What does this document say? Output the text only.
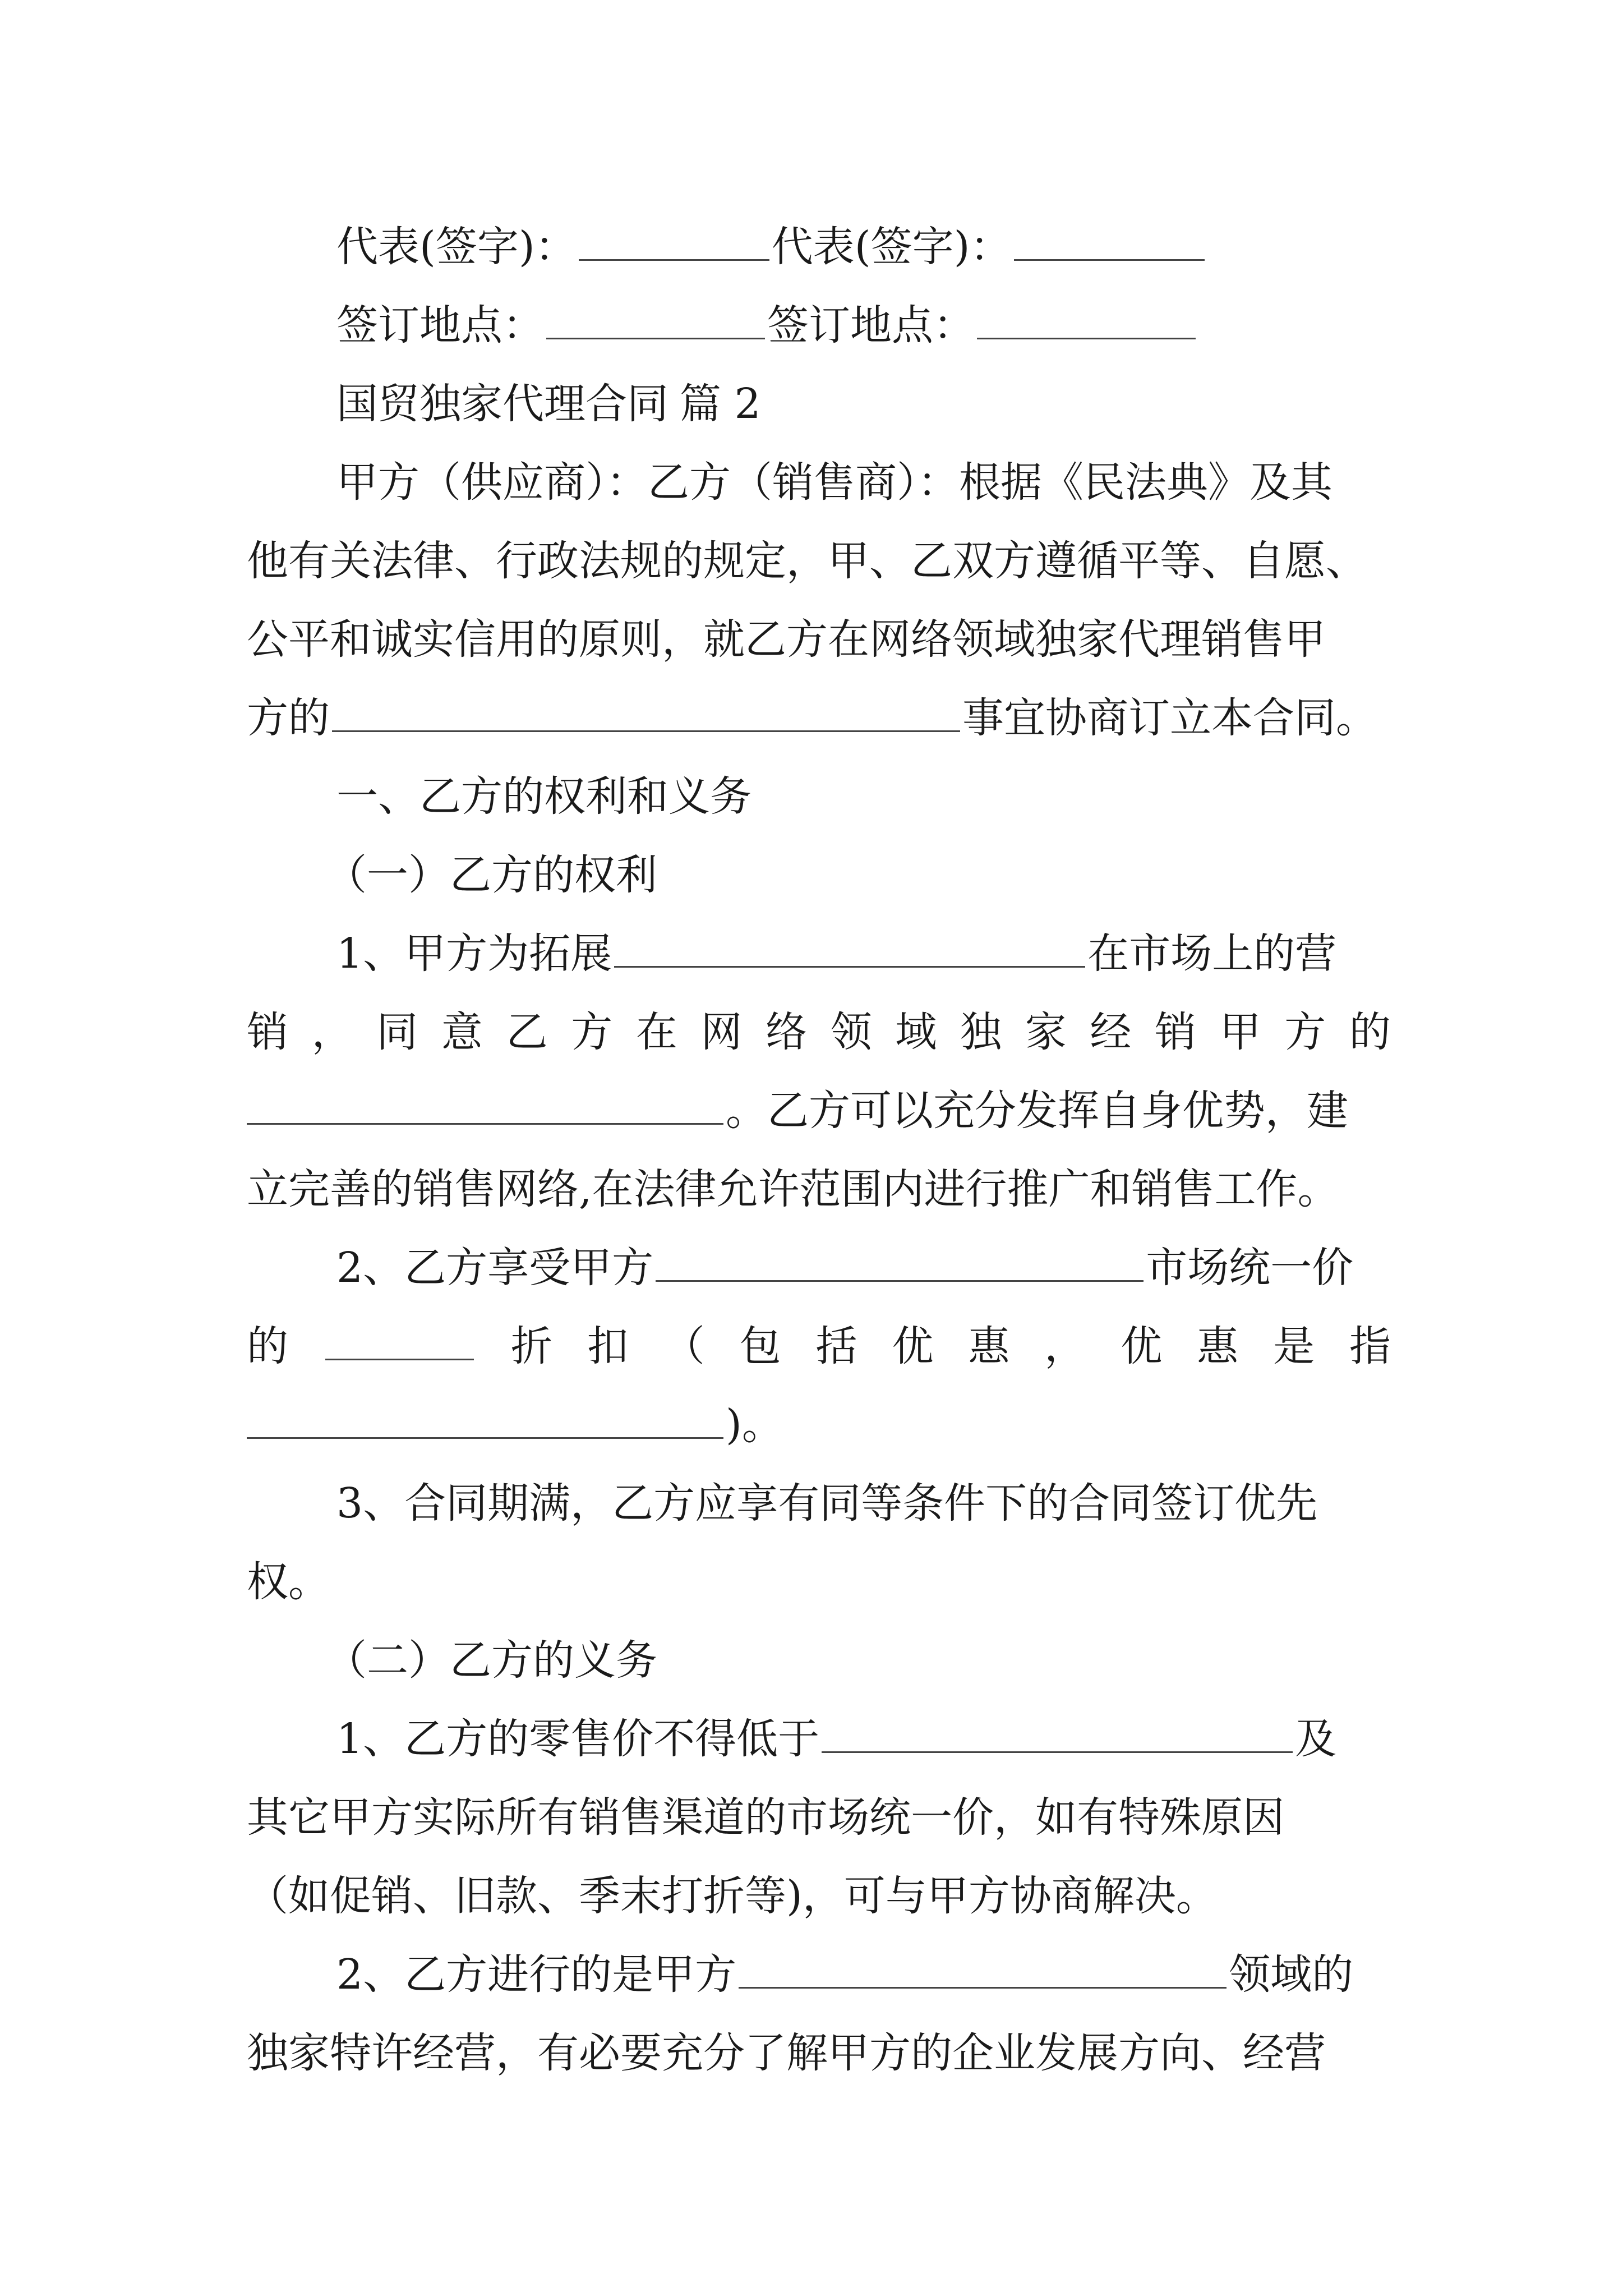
代表(签字)：	代表(签字)：
签订地点：	签订地点：
国贸独家代理合同 篇 2
甲方（供应商）：乙方（销售商）：根据《民法典》及其
他有关法律、行政法规的规定，甲、乙双方遵循平等、自愿、
公平和诚实信用的原则，就乙方在网络领域独家代理销售甲
方的	事宜协商订立本合同。
一、乙方的权利和义务
（一）乙方的权利
1、甲方为拓展	在市场上的营
销 ， 同 意 乙 方 在 网 络 领 域 独 家 经 销 甲 方 的
。乙方可以充分发挥自身优势，建
立完善的销售网络,在法律允许范围内进行推广和销售工作。
2、乙方享受甲方	市场统一价
的	折 扣 （ 包 括 优 惠 ， 优 惠 是 指
)。
3、合同期满，乙方应享有同等条件下的合同签订优先
权。
（二）乙方的义务
1、乙方的零售价不得低于	及
其它甲方实际所有销售渠道的市场统一价，如有特殊原因
（如促销、旧款、季末打折等)，可与甲方协商解决。
2、乙方进行的是甲方	领域的
独家特许经营，有必要充分了解甲方的企业发展方向、经营
